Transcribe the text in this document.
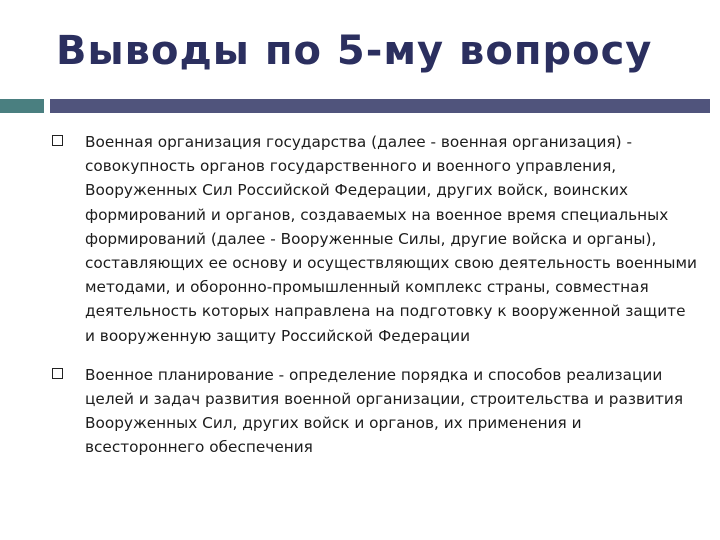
Выводы по 5-му вопросу
Военная организация государства (далее - военная организация) - совокупность органов государственного и военного управления, Вооруженных Сил Российской Федерации, других войск, воинских формирований и органов, создаваемых на военное время специальных формирований (далее - Вооруженные Силы, другие войска и органы), составляющих ее основу и осуществляющих свою деятельность военными методами, и оборонно-промышленный комплекс страны, совместная деятельность которых направлена на подготовку к вооруженной защите и вооруженную защиту Российской Федерации
Военное планирование - определение порядка и способов реализации целей и задач развития военной организации, строительства и развития Вооруженных Сил, других войск и органов, их применения и всестороннего обеспечения
